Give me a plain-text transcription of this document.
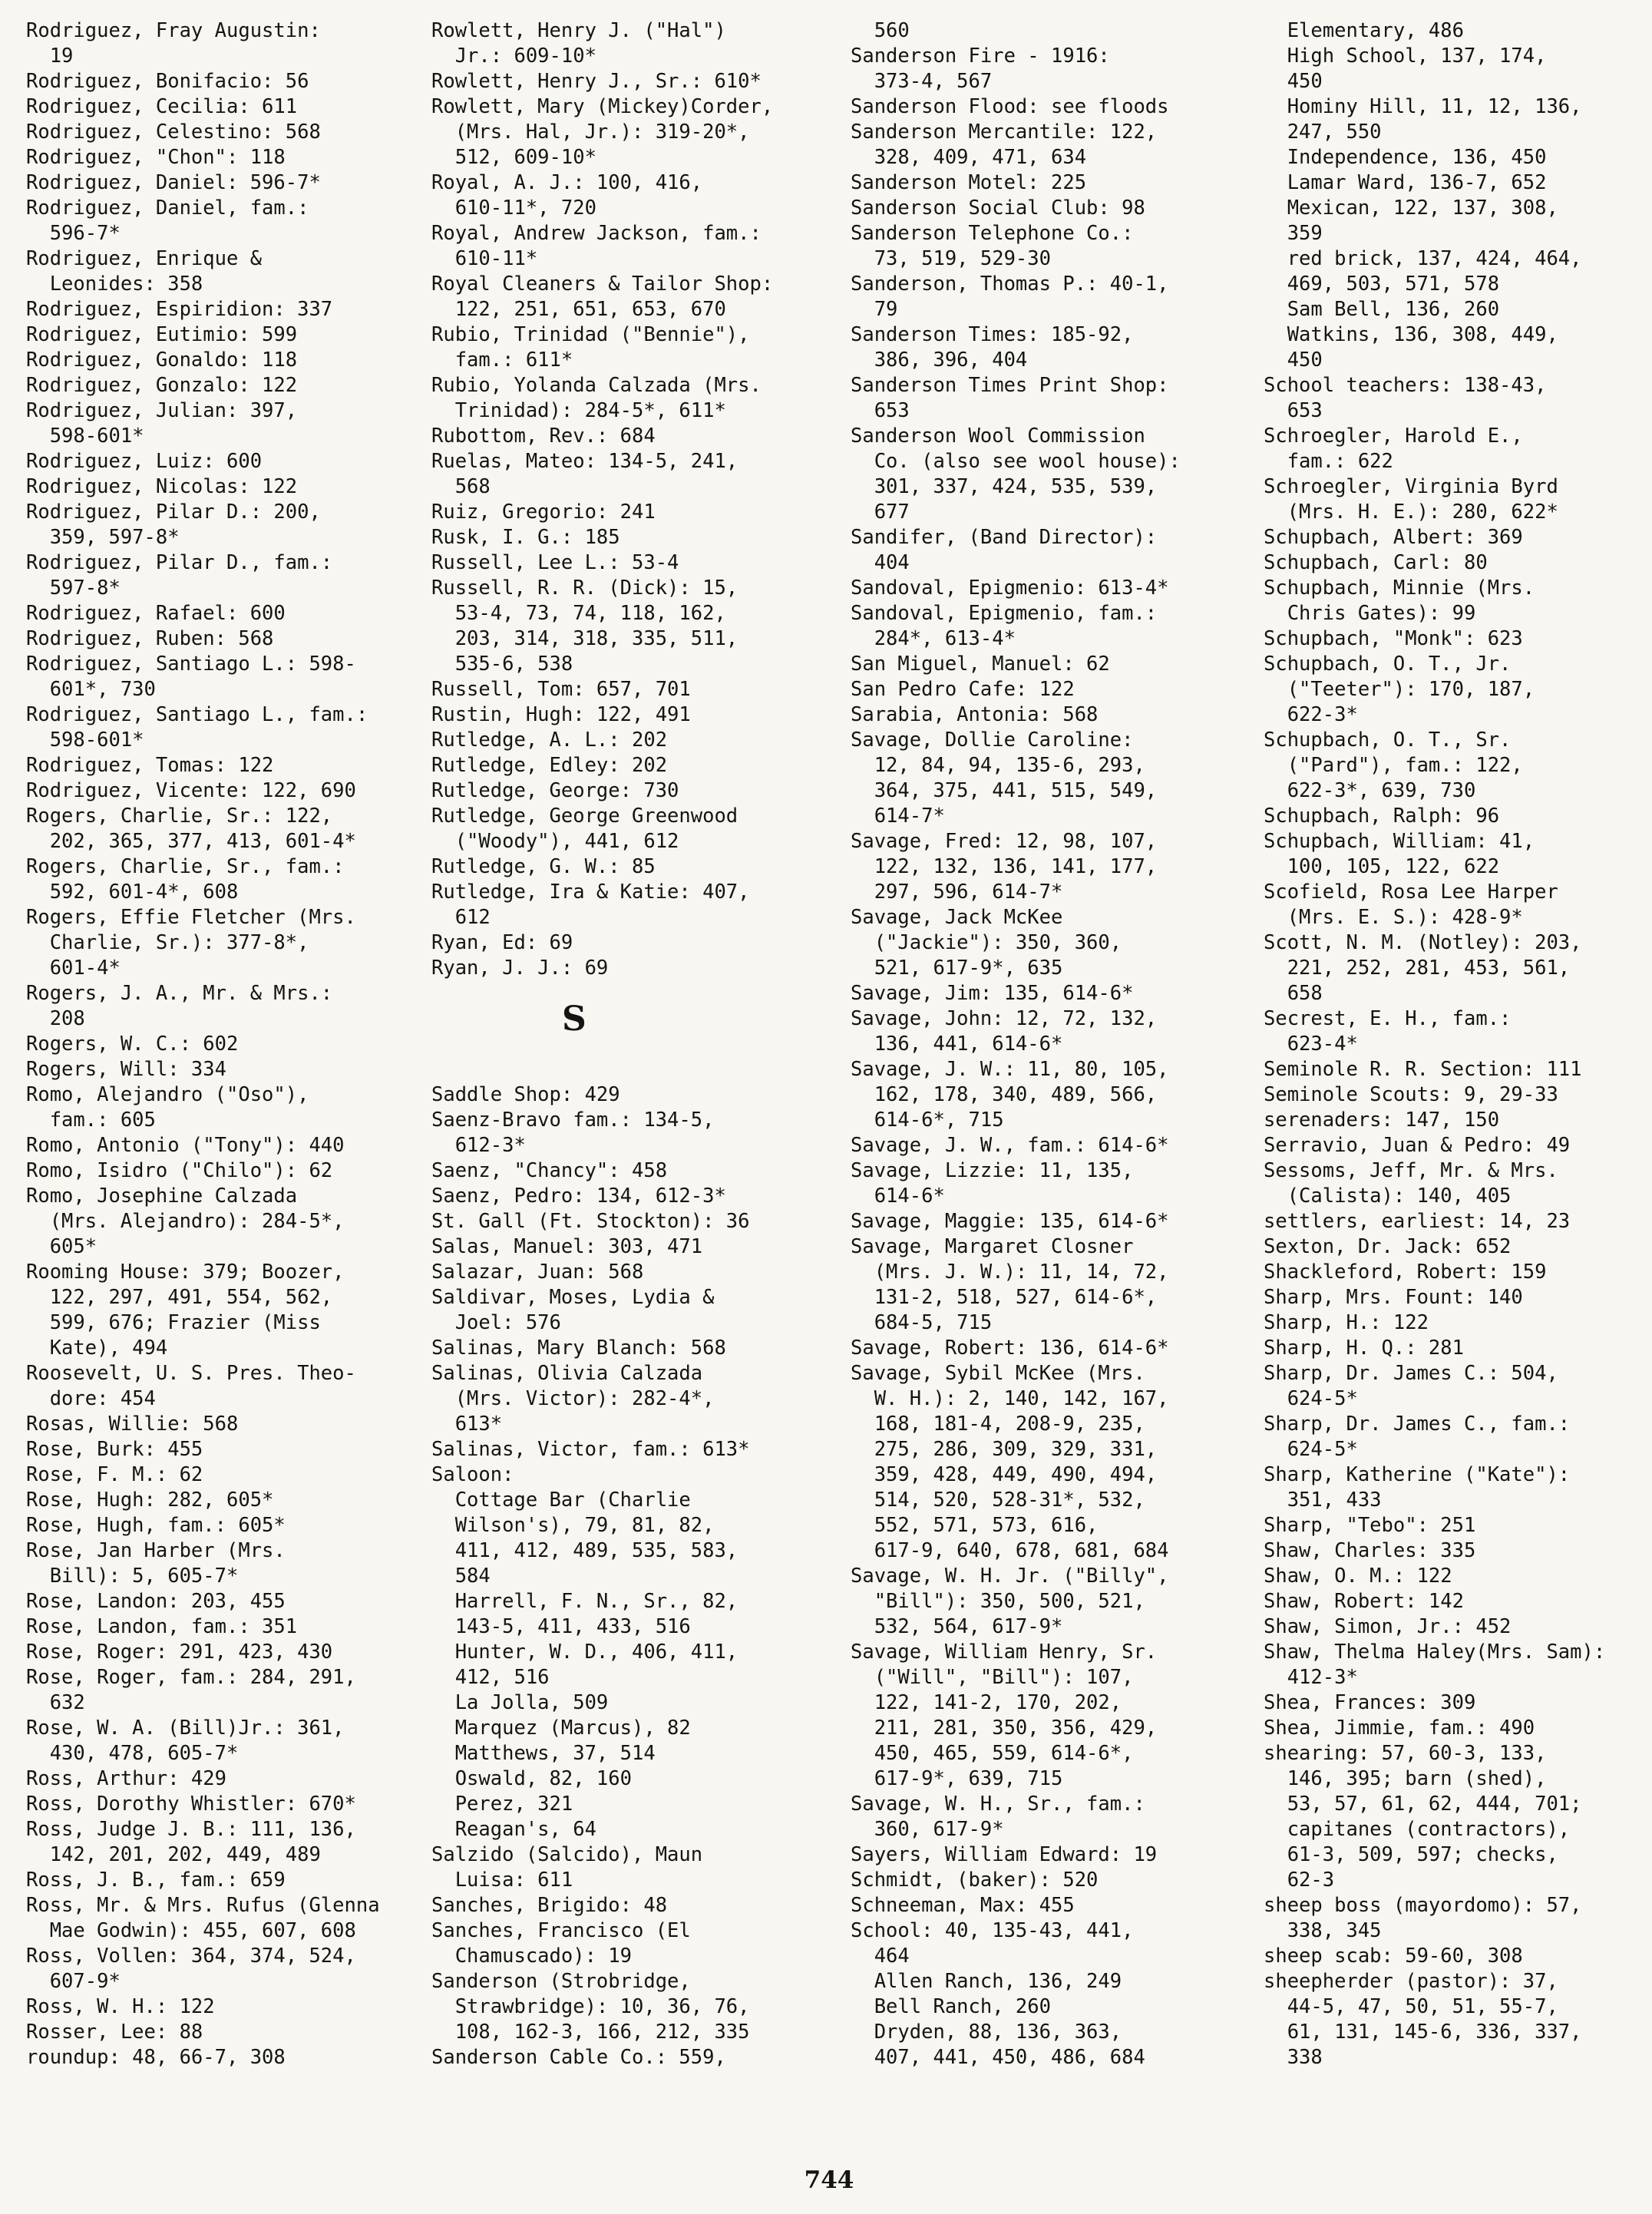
Rodriguez, Fray Augustin:
19
Rodriguez, Bonifacio: 56
Rodriguez, Cecilia: 611
Rodriguez, Celestino: 568
Rodriguez, "Chon": 118
Rodriguez, Daniel: 596-7*
Rodriguez, Daniel, fam.:
596-7*
Rodriguez, Enrique &
Leonides: 358
Rodriguez, Espiridion: 337
Rodriguez, Eutimio: 599
Rodriguez, Gonaldo: 118
Rodriguez, Gonzalo: 122
Rodriguez, Julian: 397,
598-601*
Rodriguez, Luiz: 600
Rodriguez, Nicolas: 122
Rodriguez, Pilar D.: 200,
359, 597-8*
Rodriguez, Pilar D., fam.:
597-8*
Rodriguez, Rafael: 600
Rodriguez, Ruben: 568
Rodriguez, Santiago L.: 598-
601*, 730
Rodriguez, Santiago L., fam.:
598-601*
Rodriguez, Tomas: 122
Rodriguez, Vicente: 122, 690
Rogers, Charlie, Sr.: 122,
202, 365, 377, 413, 601-4*
Rogers, Charlie, Sr., fam.:
592, 601-4*, 608
Rogers, Effie Fletcher (Mrs.
Charlie, Sr.): 377-8*,
601-4*
Rogers, J. A., Mr. & Mrs.:
208
Rogers, W. C.: 602
Rogers, Will: 334
Romo, Alejandro ("Oso"),
fam.: 605
Romo, Antonio ("Tony"): 440
Romo, Isidro ("Chilo"): 62
Romo, Josephine Calzada
(Mrs. Alejandro): 284-5*,
605*
Rooming House: 379; Boozer,
122, 297, 491, 554, 562,
599, 676; Frazier (Miss
Kate), 494
Roosevelt, U. S. Pres. Theo-
dore: 454
Rosas, Willie: 568
Rose, Burk: 455
Rose, F. M.: 62
Rose, Hugh: 282, 605*
Rose, Hugh, fam.: 605*
Rose, Jan Harber (Mrs.
Bill): 5, 605-7*
Rose, Landon: 203, 455
Rose, Landon, fam.: 351
Rose, Roger: 291, 423, 430
Rose, Roger, fam.: 284, 291,
632
Rose, W. A. (Bill)Jr.: 361,
430, 478, 605-7*
Ross, Arthur: 429
Ross, Dorothy Whistler: 670*
Ross, Judge J. B.: 111, 136,
142, 201, 202, 449, 489
Ross, J. B., fam.: 659
Ross, Mr. & Mrs. Rufus (Glenna
Mae Godwin): 455, 607, 608
Ross, Vollen: 364, 374, 524,
607-9*
Ross, W. H.: 122
Rosser, Lee: 88
roundup: 48, 66-7, 308
Rowlett, Henry J. ("Hal")
Jr.: 609-10*
Rowlett, Henry J., Sr.: 610*
Rowlett, Mary (Mickey)Corder,
(Mrs. Hal, Jr.): 319-20*,
512, 609-10*
Royal, A. J.: 100, 416,
610-11*, 720
Royal, Andrew Jackson, fam.:
610-11*
Royal Cleaners & Tailor Shop:
122, 251, 651, 653, 670
Rubio, Trinidad ("Bennie"),
fam.: 611*
Rubio, Yolanda Calzada (Mrs.
Trinidad): 284-5*, 611*
Rubottom, Rev.: 684
Ruelas, Mateo: 134-5, 241,
568
Ruiz, Gregorio: 241
Rusk, I. G.: 185
Russell, Lee L.: 53-4
Russell, R. R. (Dick): 15,
53-4, 73, 74, 118, 162,
203, 314, 318, 335, 511,
535-6, 538
Russell, Tom: 657, 701
Rustin, Hugh: 122, 491
Rutledge, A. L.: 202
Rutledge, Edley: 202
Rutledge, George: 730
Rutledge, George Greenwood
("Woody"), 441, 612
Rutledge, G. W.: 85
Rutledge, Ira & Katie: 407,
612
Ryan, Ed: 69
Ryan, J. J.: 69
S
Saddle Shop: 429
Saenz-Bravo fam.: 134-5,
612-3*
Saenz, "Chancy": 458
Saenz, Pedro: 134, 612-3*
St. Gall (Ft. Stockton): 36
Salas, Manuel: 303, 471
Salazar, Juan: 568
Saldivar, Moses, Lydia &
Joel: 576
Salinas, Mary Blanch: 568
Salinas, Olivia Calzada
(Mrs. Victor): 282-4*,
613*
Salinas, Victor, fam.: 613*
Saloon:
Cottage Bar (Charlie
Wilson's), 79, 81, 82,
411, 412, 489, 535, 583,
584
Harrell, F. N., Sr., 82,
143-5, 411, 433, 516
Hunter, W. D., 406, 411,
412, 516
La Jolla, 509
Marquez (Marcus), 82
Matthews, 37, 514
Oswald, 82, 160
Perez, 321
Reagan's, 64
Salzido (Salcido), Maun
Luisa: 611
Sanches, Brigido: 48
Sanches, Francisco (El
Chamuscado): 19
Sanderson (Strobridge,
Strawbridge): 10, 36, 76,
108, 162-3, 166, 212, 335
Sanderson Cable Co.: 559,
560
Sanderson Fire - 1916:
373-4, 567
Sanderson Flood: see floods
Sanderson Mercantile: 122,
328, 409, 471, 634
Sanderson Motel: 225
Sanderson Social Club: 98
Sanderson Telephone Co.:
73, 519, 529-30
Sanderson, Thomas P.: 40-1,
79
Sanderson Times: 185-92,
386, 396, 404
Sanderson Times Print Shop:
653
Sanderson Wool Commission
Co. (also see wool house):
301, 337, 424, 535, 539,
677
Sandifer, (Band Director):
404
Sandoval, Epigmenio: 613-4*
Sandoval, Epigmenio, fam.:
284*, 613-4*
San Miguel, Manuel: 62
San Pedro Cafe: 122
Sarabia, Antonia: 568
Savage, Dollie Caroline:
12, 84, 94, 135-6, 293,
364, 375, 441, 515, 549,
614-7*
Savage, Fred: 12, 98, 107,
122, 132, 136, 141, 177,
297, 596, 614-7*
Savage, Jack McKee
("Jackie"): 350, 360,
521, 617-9*, 635
Savage, Jim: 135, 614-6*
Savage, John: 12, 72, 132,
136, 441, 614-6*
Savage, J. W.: 11, 80, 105,
162, 178, 340, 489, 566,
614-6*, 715
Savage, J. W., fam.: 614-6*
Savage, Lizzie: 11, 135,
614-6*
Savage, Maggie: 135, 614-6*
Savage, Margaret Closner
(Mrs. J. W.): 11, 14, 72,
131-2, 518, 527, 614-6*,
684-5, 715
Savage, Robert: 136, 614-6*
Savage, Sybil McKee (Mrs.
W. H.): 2, 140, 142, 167,
168, 181-4, 208-9, 235,
275, 286, 309, 329, 331,
359, 428, 449, 490, 494,
514, 520, 528-31*, 532,
552, 571, 573, 616,
617-9, 640, 678, 681, 684
Savage, W. H. Jr. ("Billy",
"Bill"): 350, 500, 521,
532, 564, 617-9*
Savage, William Henry, Sr.
("Will", "Bill"): 107,
122, 141-2, 170, 202,
211, 281, 350, 356, 429,
450, 465, 559, 614-6*,
617-9*, 639, 715
Savage, W. H., Sr., fam.:
360, 617-9*
Sayers, William Edward: 19
Schmidt, (baker): 520
Schneeman, Max: 455
School: 40, 135-43, 441,
464
Allen Ranch, 136, 249
Bell Ranch, 260
Dryden, 88, 136, 363,
407, 441, 450, 486, 684
Elementary, 486
High School, 137, 174,
450
Hominy Hill, 11, 12, 136,
247, 550
Independence, 136, 450
Lamar Ward, 136-7, 652
Mexican, 122, 137, 308,
359
red brick, 137, 424, 464,
469, 503, 571, 578
Sam Bell, 136, 260
Watkins, 136, 308, 449,
450
School teachers: 138-43,
653
Schroegler, Harold E.,
fam.: 622
Schroegler, Virginia Byrd
(Mrs. H. E.): 280, 622*
Schupbach, Albert: 369
Schupbach, Carl: 80
Schupbach, Minnie (Mrs.
Chris Gates): 99
Schupbach, "Monk": 623
Schupbach, O. T., Jr.
("Teeter"): 170, 187,
622-3*
Schupbach, O. T., Sr.
("Pard"), fam.: 122,
622-3*, 639, 730
Schupbach, Ralph: 96
Schupbach, William: 41,
100, 105, 122, 622
Scofield, Rosa Lee Harper
(Mrs. E. S.): 428-9*
Scott, N. M. (Notley): 203,
221, 252, 281, 453, 561,
658
Secrest, E. H., fam.:
623-4*
Seminole R. R. Section: 111
Seminole Scouts: 9, 29-33
serenaders: 147, 150
Serravio, Juan & Pedro: 49
Sessoms, Jeff, Mr. & Mrs.
(Calista): 140, 405
settlers, earliest: 14, 23
Sexton, Dr. Jack: 652
Shackleford, Robert: 159
Sharp, Mrs. Fount: 140
Sharp, H.: 122
Sharp, H. Q.: 281
Sharp, Dr. James C.: 504,
624-5*
Sharp, Dr. James C., fam.:
624-5*
Sharp, Katherine ("Kate"):
351, 433
Sharp, "Tebo": 251
Shaw, Charles: 335
Shaw, O. M.: 122
Shaw, Robert: 142
Shaw, Simon, Jr.: 452
Shaw, Thelma Haley(Mrs. Sam):
412-3*
Shea, Frances: 309
Shea, Jimmie, fam.: 490
shearing: 57, 60-3, 133,
146, 395; barn (shed),
53, 57, 61, 62, 444, 701;
capitanes (contractors),
61-3, 509, 597; checks,
62-3
sheep boss (mayordomo): 57,
338, 345
sheep scab: 59-60, 308
sheepherder (pastor): 37,
44-5, 47, 50, 51, 55-7,
61, 131, 145-6, 336, 337,
338
744
